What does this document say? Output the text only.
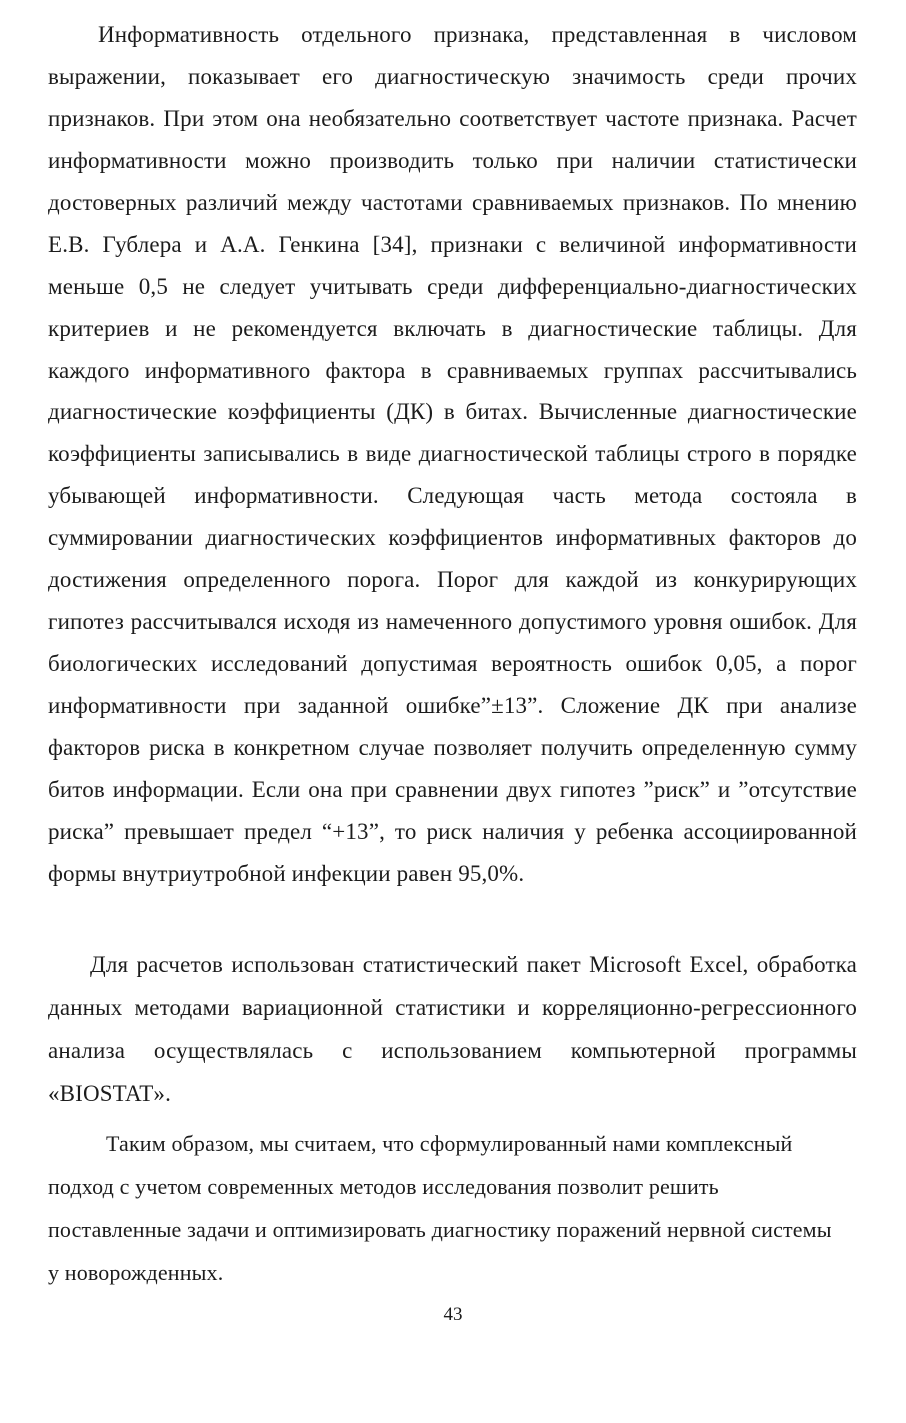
Информативность отдельного признака, представленная в числовом выражении, показывает его диагностическую значимость среди прочих признаков. При этом она необязательно соответствует частоте признака. Расчет информативности можно производить только при наличии статистически достоверных различий между частотами сравниваемых признаков. По мнению Е.В. Гублера и А.А. Генкина [34], признаки с величиной информативности меньше 0,5 не следует учитывать среди дифференциально-диагностических критериев и не рекомендуется включать в диагностические таблицы. Для каждого информативного фактора в сравниваемых группах рассчитывались диагностические коэффициенты (ДК) в битах. Вычисленные диагностические коэффициенты записывались в виде диагностической таблицы строго в порядке убывающей информативности. Следующая часть метода состояла в суммировании диагностических коэффициентов информативных факторов до достижения определенного порога. Порог для каждой из конкурирующих гипотез рассчитывался исходя из намеченного допустимого уровня ошибок. Для биологических исследований допустимая вероятность ошибок 0,05, а порог информативности при заданной ошибке”±13”. Сложение ДК при анализе факторов риска в конкретном случае позволяет получить определенную сумму битов информации. Если она при сравнении двух гипотез ”риск” и ”отсутствие риска” превышает предел “+13”, то риск наличия у ребенка ассоциированной формы внутриутробной инфекции равен 95,0%.

Для расчетов использован статистический пакет Microsoft Excel, обработка данных методами вариационной статистики и корреляционно-регрессионного анализа осуществлялась с использованием компьютерной программы «BIOSTAT».

Таким образом, мы считаем, что сформулированный нами комплексный подход с учетом современных методов исследования позволит решить поставленные задачи и оптимизировать диагностику поражений нервной системы у новорожденных.

43
